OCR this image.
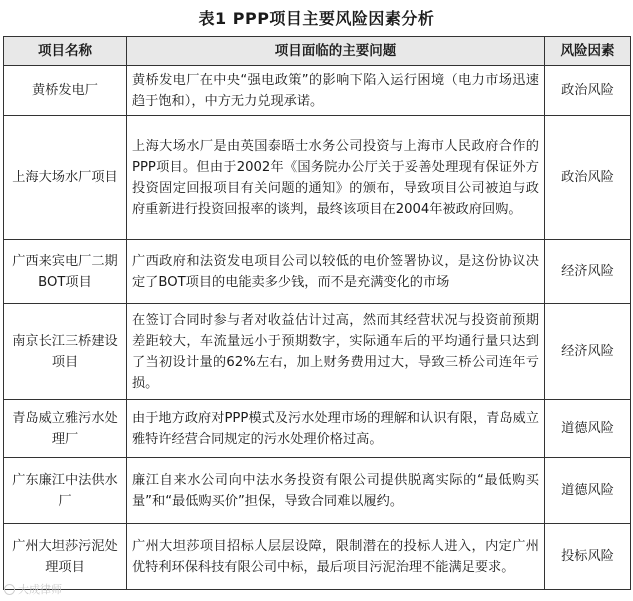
表1 PPP项目主要风险因素分析
项目名称	项目面临的主要问题	风险因素
黄桥发电厂	黄桥发电厂在中央“强电政策”的影响下陷入运行困境（电力市场迅速趋于饱和），中方无力兑现承诺。	政治风险
上海大场水厂项目	上海大场水厂是由英国泰晤士水务公司投资与上海市人民政府合作的PPP项目。但由于2002年《国务院办公厅关于妥善处理现有保证外方投资固定回报项目有关问题的通知》的颁布，导致项目公司被迫与政府重新进行投资回报率的谈判，最终该项目在2004年被政府回购。	政治风险
广西来宾电厂二期BOT项目	广西政府和法资发电项目公司以较低的电价签署协议，是这份协议决定了BOT项目的电能卖多少钱，而不是充满变化的市场	经济风险
南京长江三桥建设项目	在签订合同时参与者对收益估计过高，然而其经营状况与投资前预期差距较大，车流量远小于预期数字，实际通车后的平均通行量只达到了当初设计量的62%左右，加上财务费用过大，导致三桥公司连年亏损。	经济风险
青岛威立雅污水处理厂	由于地方政府对PPP模式及污水处理市场的理解和认识有限，青岛威立雅特许经营合同规定的污水处理价格过高。	道德风险
广东廉江中法供水厂	廉江自来水公司向中法水务投资有限公司提供脱离实际的“最低购买量”和“最低购买价”担保，导致合同难以履约。	道德风险
广州大坦莎污泥处理项目	广州大坦莎项目招标人层层设障，限制潜在的投标人进入，内定广州优特利环保科技有限公司中标，最后项目污泥治理不能满足要求。	投标风险
大成律师
